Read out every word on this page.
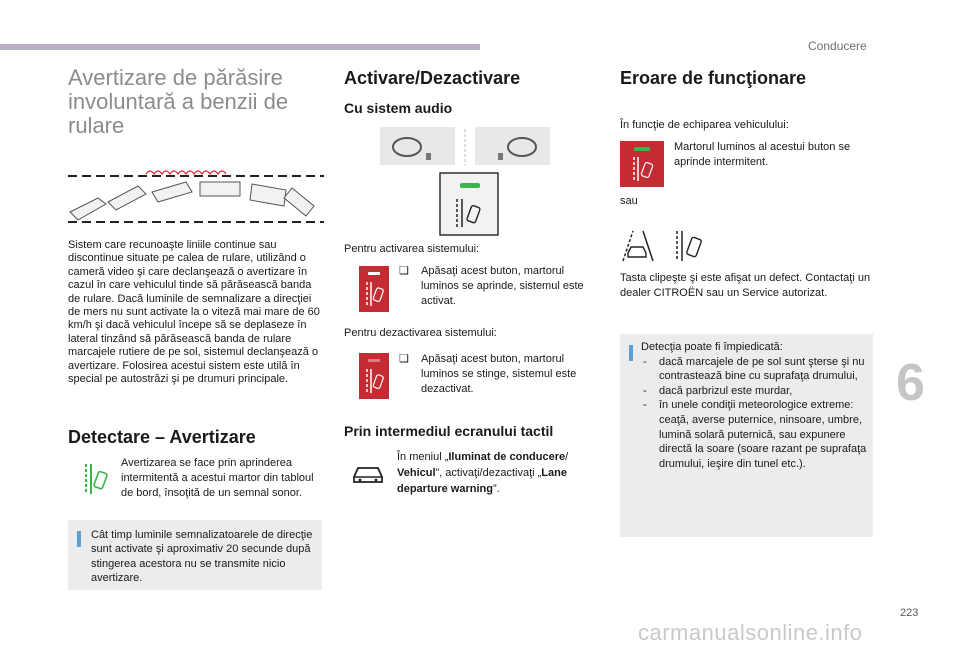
Conducere
Avertizare de părăsire involuntară a benzii de rulare

Sistem care recunoaşte liniile continue sau discontinue situate pe calea de rulare, utilizând o cameră video şi care declanşează o avertizare în cazul în care vehiculul tinde să părăsească banda de rulare. Dacă luminile de semnalizare a direcţiei de mers nu sunt activate la o viteză mai mare de 60 km/h şi dacă vehiculul începe să se deplaseze în lateral tinzând să părăsească banda de rulare marcajele rutiere de pe sol, sistemul declanşează o avertizare. Folosirea acestui sistem este utilă în special pe autostrăzi şi pe drumuri principale.

Detectare – Avertizare

Avertizarea se face prin aprinderea intermitentă a acestui martor din tabloul de bord, însoţită de un semnal sonor.

Cât timp luminile semnalizatoarele de direcţie sunt activate şi aproximativ 20 secunde după stingerea acestora nu se transmite nicio avertizare.

Activare/Dezactivare
Cu sistem audio

Pentru activarea sistemului:

❑	Apăsaţi acest buton, martorul luminos se aprinde, sistemul este activat.

Pentru dezactivarea sistemului:

❑	Apăsaţi acest buton, martorul luminos se stinge, sistemul este dezactivat.
Prin intermediul ecranului tactil

În meniul „Iluminat de conducere/ Vehicul”, activaţi/dezactivaţi „Lane departure warning”.

Eroare de funcţionare

În funcţie de echiparea vehiculului:

Martorul luminos al acestui buton se aprinde intermitent.

sau

Tasta clipeşte şi este afişat un defect. Contactaţi un dealer CITROËN sau un Service autorizat.

Detecţia poate fi împiedicată:

- dacă marcajele de pe sol sunt şterse şi nu contrastează bine cu suprafaţa drumului,
- dacă parbrizul este murdar,
- în unele condiţii meteorologice extreme: ceaţă, averse puternice, ninsoare, umbre, lumină solară puternică, sau expunere directă la soare (soare razant pe suprafaţa drumului, ieşire din tunel etc.).
6
223
carmanualsonline.info
